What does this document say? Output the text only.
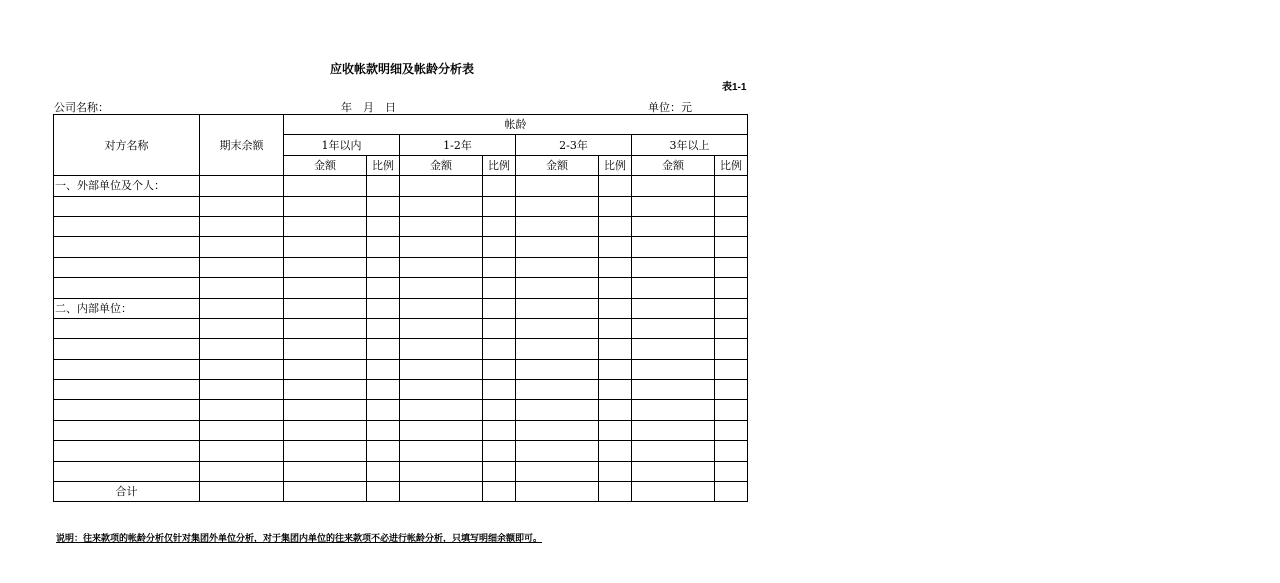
应收帐款明细及帐龄分析表
表1-1
公司名称：	年　月　日	单位：元
对方名称	期末余额	帐龄							
		1年以内		1-2年		2-3年		3年以上	
		金额	比例	金额	比例	金额	比例	金额	比例
一、外部单位及个人：									

二、内部单位：									

合计									
说明：往来款项的帐龄分析仅针对集团外单位分析，对于集团内单位的往来款项不必进行帐龄分析，只填写明细余额即可。
